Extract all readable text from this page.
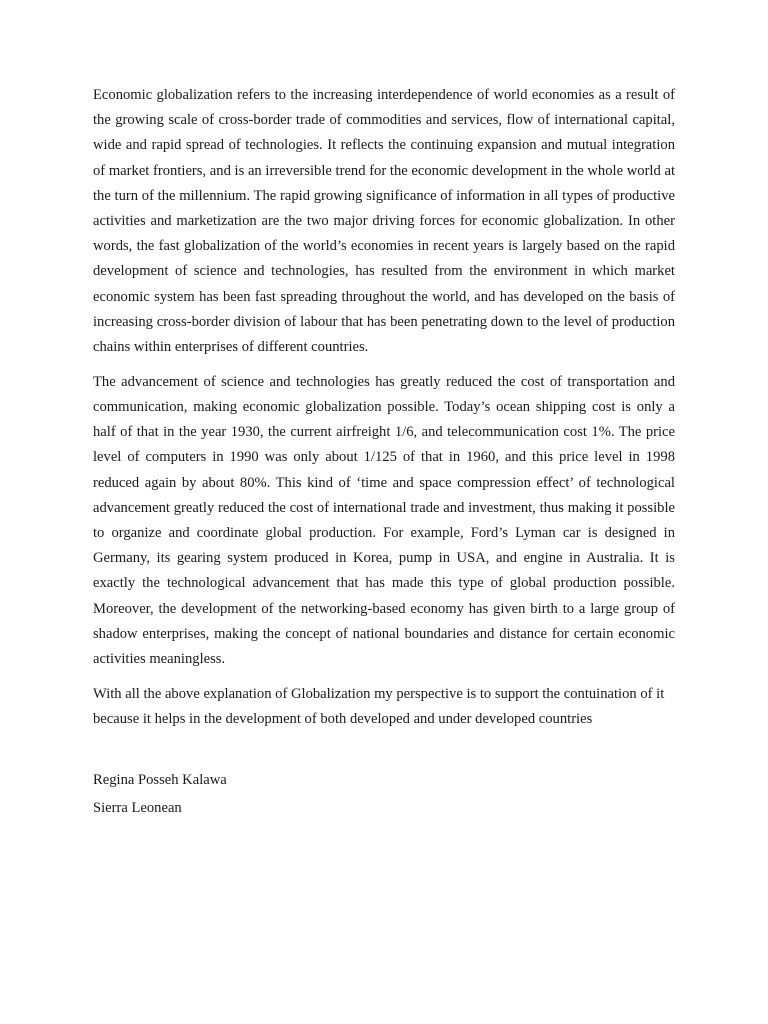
Economic globalization refers to the increasing interdependence of world economies as a result of the growing scale of cross-border trade of commodities and services, flow of international capital, wide and rapid spread of technologies. It reflects the continuing expansion and mutual integration of market frontiers, and is an irreversible trend for the economic development in the whole world at the turn of the millennium. The rapid growing significance of information in all types of productive activities and marketization are the two major driving forces for economic globalization. In other words, the fast globalization of the world’s economies in recent years is largely based on the rapid development of science and technologies, has resulted from the environment in which market economic system has been fast spreading throughout the world, and has developed on the basis of increasing cross-border division of labour that has been penetrating down to the level of production chains within enterprises of different countries.

The advancement of science and technologies has greatly reduced the cost of transportation and communication, making economic globalization possible. Today’s ocean shipping cost is only a half of that in the year 1930, the current airfreight 1/6, and telecommunication cost 1%. The price level of computers in 1990 was only about 1/125 of that in 1960, and this price level in 1998 reduced again by about 80%. This kind of ‘time and space compression effect’ of technological advancement greatly reduced the cost of international trade and investment, thus making it possible to organize and coordinate global production. For example, Ford’s Lyman car is designed in Germany, its gearing system produced in Korea, pump in USA, and engine in Australia. It is exactly the technological advancement that has made this type of global production possible. Moreover, the development of the networking-based economy has given birth to a large group of shadow enterprises, making the concept of national boundaries and distance for certain economic activities meaningless.

With all the above explanation of Globalization my perspective is to support the contuination of it because it helps in the development of both developed and under developed countries

Regina Posseh Kalawa
Sierra Leonean
